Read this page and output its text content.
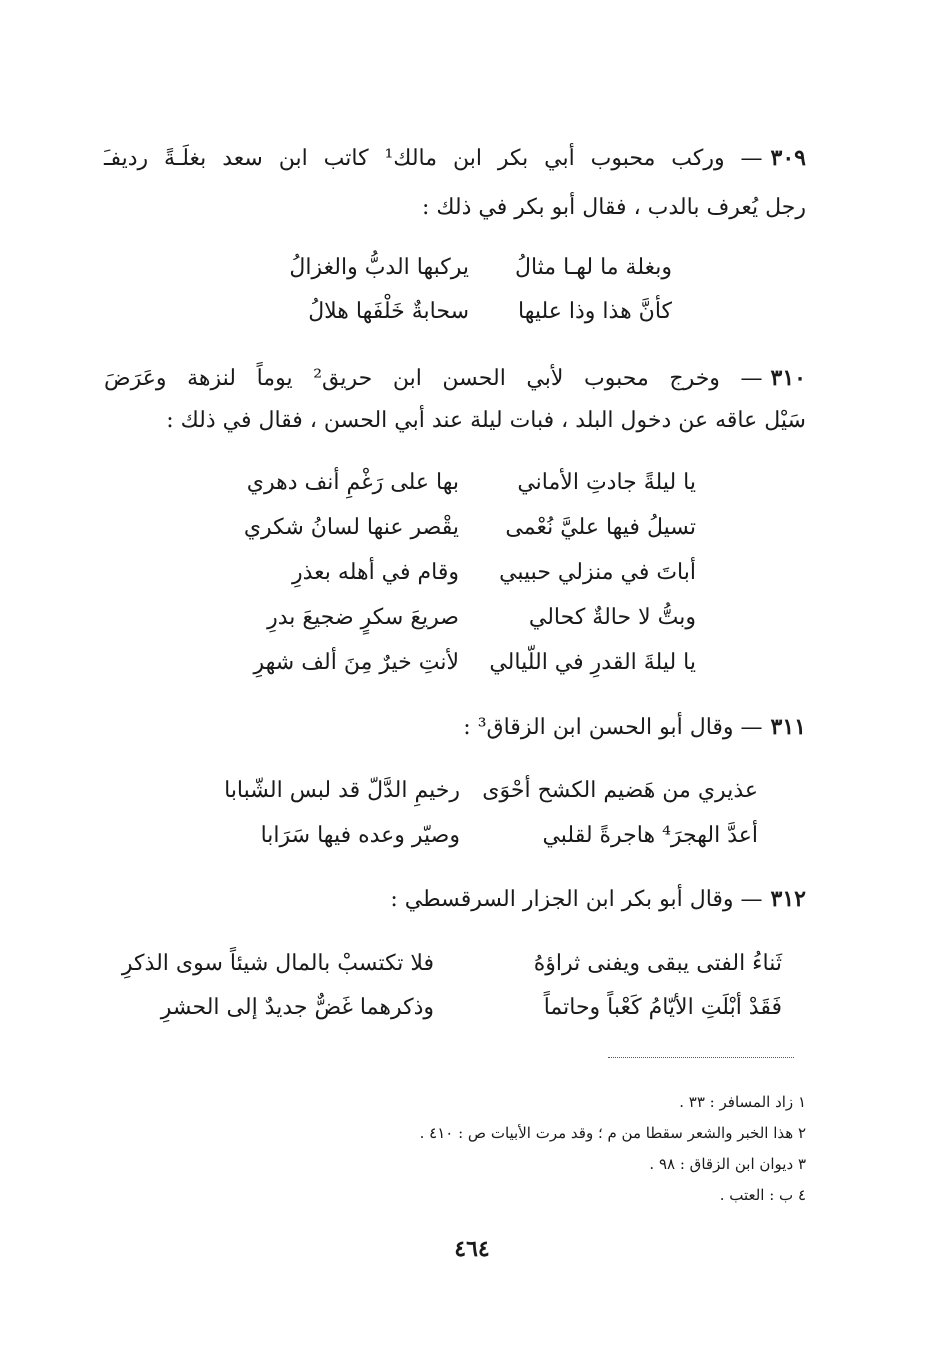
٣٠٩— وركب محبوب أبي بكر ابن مالك¹ كاتب ابن سعد بغلَـةً رديفـَ
رجل يُعرف بالدب ، فقال أبو بكر في ذلك :
وبغلة ما لهـا مثالُ
يركبها الدبُّ والغزالُ
كأنَّ هذا وذا عليها
سحابةٌ خَلْفَها هلالُ
٣١٠— وخرج محبوب لأبي الحسن ابن حريق² يوماً لنزهة وعَرَضَ
سَيْل عاقه عن دخول البلد ، فبات ليلة عند أبي الحسن ، فقال في ذلك :
يا ليلةً جادتِ الأماني
بها على رَغْمِ أنف دهري
تسيلُ فيها عليَّ نُعْمى
يقْصر عنها لسانُ شكري
أباتَ في منزلي حبيبي
وقام في أهله بعذرِ
وبتُّ لا حالةٌ كحالي
صريعَ سكرٍ ضجيعَ بدرِ
يا ليلةَ القدرِ في اللّيالي
لأنتِ خيرٌ مِنَ ألف شهرِ
٣١١— وقال أبو الحسن ابن الزقاق³ :
عذيري من هَضيم الكشح أحْوَى
رخيمِ الدَّلّ قد لبس الشّبابا
أعدَّ الهجرَ⁴ هاجرةً لقلبي
وصيّر وعده فيها سَرَابا
٣١٢— وقال أبو بكر ابن الجزار السرقسطي :
ثَناءُ الفتى يبقى ويفنى ثراؤهُ
فلا تكتسبْ بالمال شيئاً سوى الذكرِ
فَقَدْ أبْلَتِ الأيّامُ كَعْباً وحاتماً
وذكرهما غَضٌّ جديدٌ إلى الحشرِ
١ زاد المسافر : ٣٣ .
٢ هذا الخبر والشعر سقطا من م ؛ وقد مرت الأبيات ص : ٤١٠ .
٣ ديوان ابن الزقاق : ٩٨ .
٤ ب : العتب .
٤٦٤
